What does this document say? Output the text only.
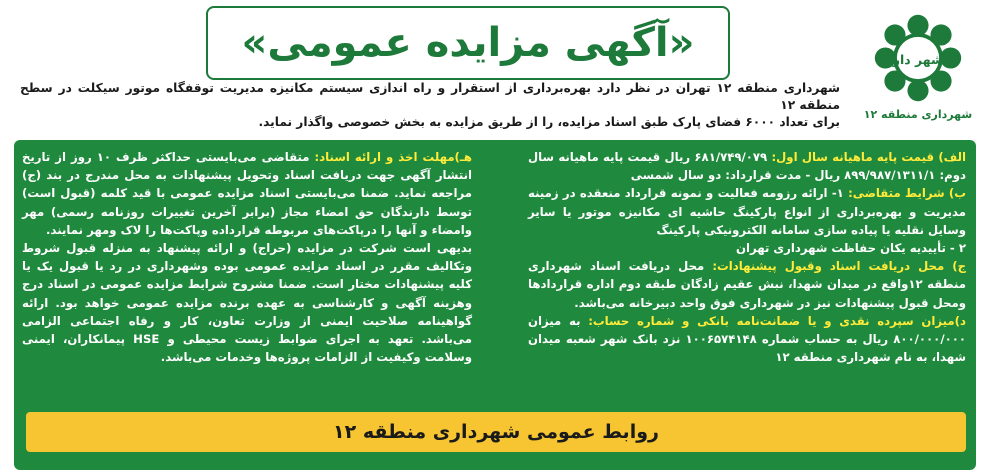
شهر دار
شهرداری منطقه ۱۲
«آگهی مزایده عمومی»

شهرداری منطقه ۱۲ تهران در نظر دارد بهره‌برداری از استقرار و راه اندازی سیستم مکانیزه مدیریت توقفگاه موتور سیکلت در سطح منطقه ۱۲

برای تعداد ۶۰۰۰ فضای پارک طبق اسناد مزایده، را از طریق مزایده به بخش خصوصی واگذار نماید.

الف) قیمت پایه ماهیانه سال اول: ۶۸۱/۷۴۹/۰۷۹ ریال قیمت پایه ماهیانه سال دوم: ۸۹۹/۹۸۷/۱۳۱۱/۱ ریال - مدت قرارداد: دو سال شمسی

ب) شرایط متقاضی: ۱- ارائه رزومه فعالیت و نمونه قرارداد منعقده در زمینه مدیریت و بهره‌برداری از انواع پارکینگ حاشیه ای مکانیزه موتور یا سایر وسایل نقلیه یا پیاده سازی سامانه الکترونیکی پارکینگ

۲ - تأییدیه یکان حفاظت شهرداری تهران

ج) محل دریافت اسناد وقبول پیشنهادات: محل دریافت اسناد شهرداری منطقه ۱۲واقع در میدان شهدا، نبش عقیم زادگان طبقه دوم اداره قراردادها ومحل قبول پیشنهادات نیز در شهرداری فوق واحد دبیرخانه می‌باشد.

د)میزان سپرده نقدی و یا ضمانت‌نامه بانکی و شماره حساب: به میزان ۸۰۰/۰۰۰/۰۰۰ ریال به حساب شماره ۱۰۰۶۵۷۴۱۴۸ نزد بانک شهر شعبه میدان شهدا، به نام شهرداری منطقه ۱۲

هـ)مهلت اخذ و ارائه اسناد: متقاضی می‌بایستی حداکثر ظرف ۱۰ روز از تاریخ انتشار آگهی جهت دریافت اسناد وتحویل پیشنهادات به محل مندرج در بند (ج) مراجعه نماید. ضمنا می‌بایستی اسناد مزایده عمومی با قید کلمه (قبول است) توسط دارندگان حق امضاء مجاز (برابر آخرین تغییرات روزنامه رسمی) مهر وامضاء و آنها را درپاکت‌های مربوطه قرارداده وپاکت‌ها را لاک ومهر نمایند.

بدیهی است شرکت در مزایده (حراج) و ارائه پیشنهاد به منزله قبول شروط وتکالیف مقرر در اسناد مزایده عمومی بوده وشهرداری در رد یا قبول یک یا کلیه پیشنهادات مختار است. ضمنا مشروح شرایط مزایده عمومی در اسناد درج وهزینه آگهی و کارشناسی به عهده برنده مزایده عمومی خواهد بود. ارائه گواهینامه صلاحیت ایمنی از وزارت تعاون، کار و رفاه اجتماعی الزامی می‌باشد. تعهد به اجرای ضوابط زیست محیطی و HSE پیمانکاران، ایمنی وسلامت وکیفیت از الزامات پروژه‌ها وخدمات می‌باشد.

روابط عمومی شهرداری منطقه ۱۲
